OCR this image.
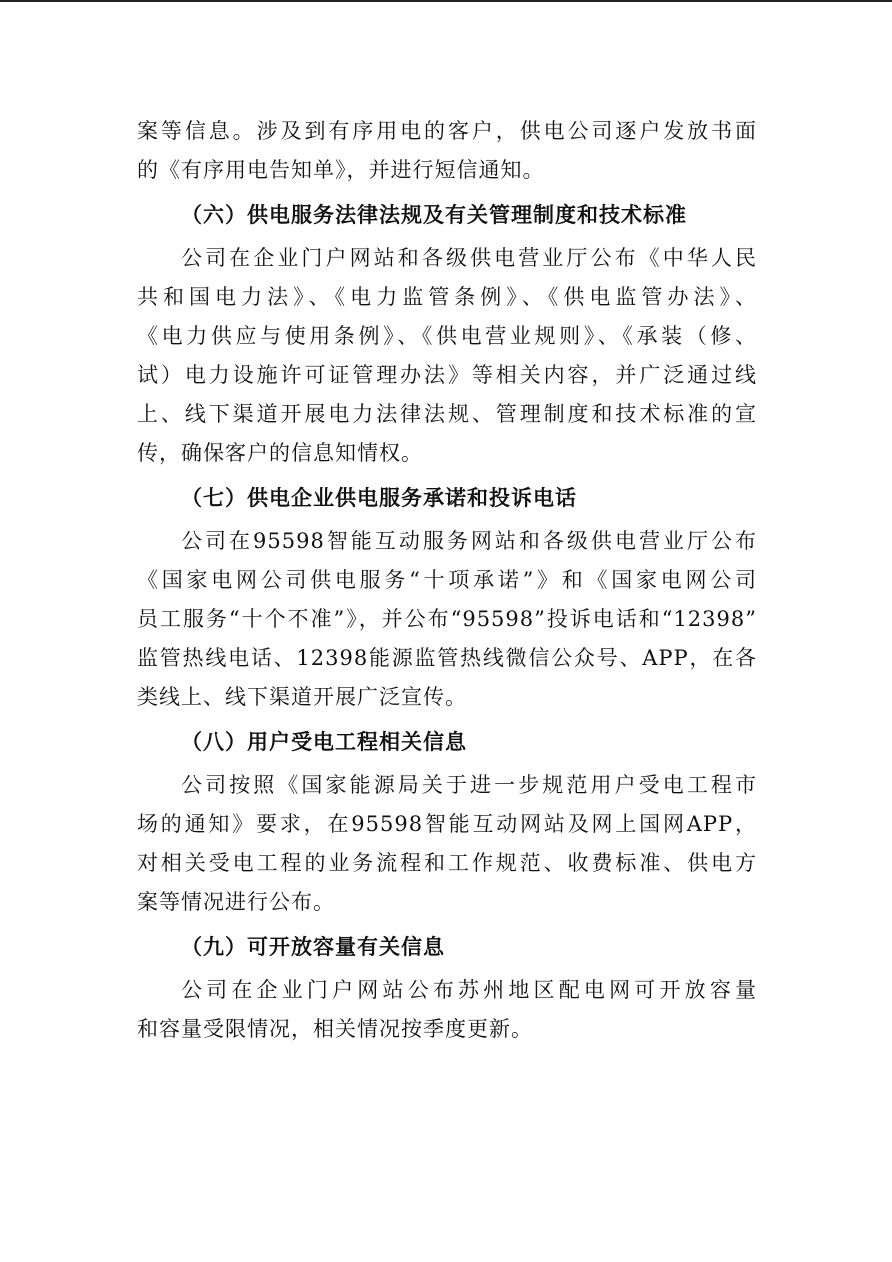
案等信息。涉及到有序用电的客户，供电公司逐户发放书面
的《有序用电告知单》，并进行短信通知。
（六）供电服务法律法规及有关管理制度和技术标准
公司在企业门户网站和各级供电营业厅公布《中华人民
共和国电力法》、《电力监管条例》、《供电监管办法》、
《电力供应与使用条例》、《供电营业规则》、《承装（修、
试）电力设施许可证管理办法》等相关内容，并广泛通过线
上、线下渠道开展电力法律法规、管理制度和技术标准的宣
传，确保客户的信息知情权。
（七）供电企业供电服务承诺和投诉电话
公司在95598智能互动服务网站和各级供电营业厅公布
《国家电网公司供电服务“十项承诺”》和《国家电网公司
员工服务“十个不准”》，并公布“95598”投诉电话和“12398”
监管热线电话、12398能源监管热线微信公众号、APP，在各
类线上、线下渠道开展广泛宣传。
（八）用户受电工程相关信息
公司按照《国家能源局关于进一步规范用户受电工程市
场的通知》要求，在95598智能互动网站及网上国网APP，
对相关受电工程的业务流程和工作规范、收费标准、供电方
案等情况进行公布。
（九）可开放容量有关信息
公司在企业门户网站公布苏州地区配电网可开放容量
和容量受限情况，相关情况按季度更新。
